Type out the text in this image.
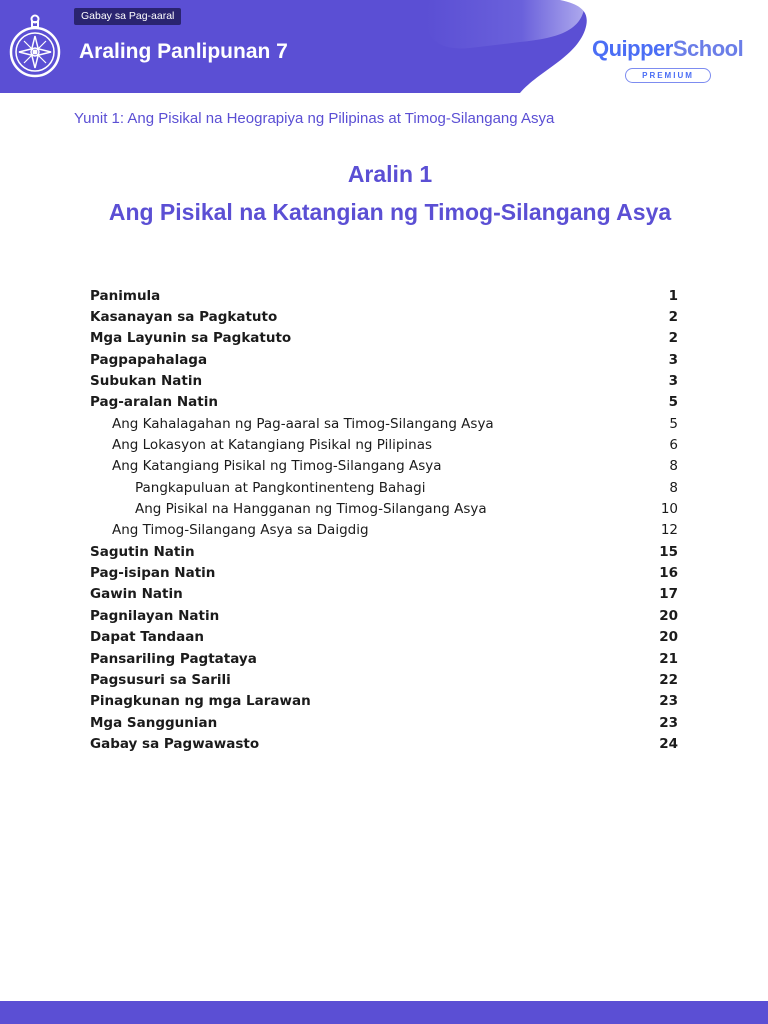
Gabay sa Pag-aaral
Araling Panlipunan 7	QuipperSchool
PREMIUM
Yunit 1: Ang Pisikal na Heograpiya ng Pilipinas at Timog-Silangang Asya
Aralin 1
Ang Pisikal na Katangian ng Timog-Silangang Asya
Panimula	1
Kasanayan sa Pagkatuto	2
Mga Layunin sa Pagkatuto	2
Pagpapahalaga	3
Subukan Natin	3
Pag-aralan Natin	5
Ang Kahalagahan ng Pag-aaral sa Timog-Silangang Asya	5
Ang Lokasyon at Katangiang Pisikal ng Pilipinas	6
Ang Katangiang Pisikal ng Timog-Silangang Asya	8
Pangkapuluan at Pangkontinenteng Bahagi	8
Ang Pisikal na Hangganan ng Timog-Silangang Asya	10
Ang Timog-Silangang Asya sa Daigdig	12
Sagutin Natin	15
Pag-isipan Natin	16
Gawin Natin	17
Pagnilayan Natin	20
Dapat Tandaan	20
Pansariling Pagtataya	21
Pagsusuri sa Sarili	22
Pinagkunan ng mga Larawan	23
Mga Sanggunian	23
Gabay sa Pagwawasto	24
